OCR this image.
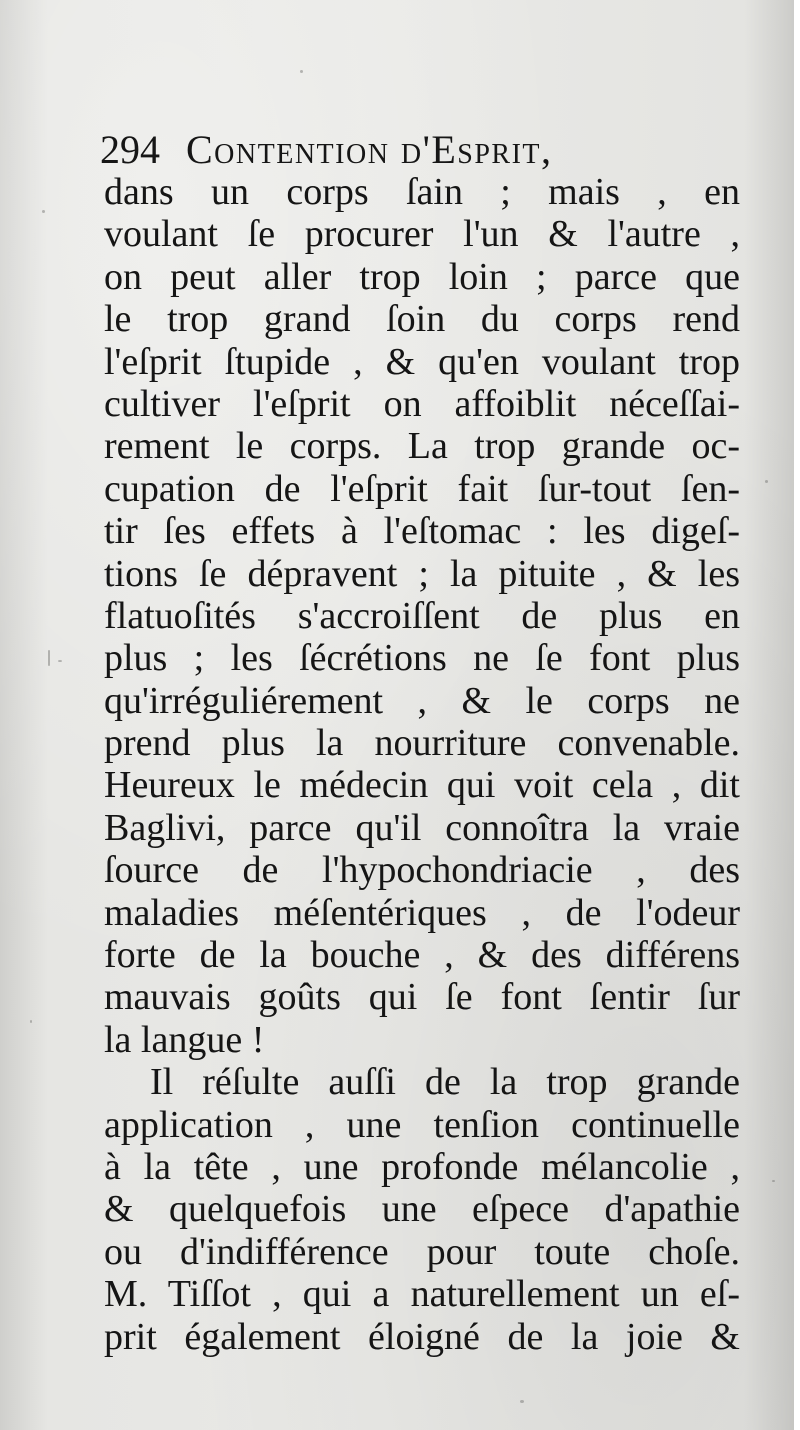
294 Contention d'Esprit,
dans un corps ſain ; mais , en
voulant ſe procurer l'un & l'autre ,
on peut aller trop loin ; parce que
le trop grand ſoin du corps rend
l'eſprit ſtupide , & qu'en voulant trop
cultiver l'eſprit on affoiblit néceſſai-
rement le corps. La trop grande oc-
cupation de l'eſprit fait ſur-tout ſen-
tir ſes effets à l'eſtomac : les digeſ-
tions ſe dépravent ; la pituite , & les
flatuoſités s'accroiſſent de plus en
plus ; les ſécrétions ne ſe font plus
qu'irréguliérement , & le corps ne
prend plus la nourriture convenable.
Heureux le médecin qui voit cela , dit
Baglivi, parce qu'il connoîtra la vraie
ſource de l'hypochondriacie , des
maladies méſentériques , de l'odeur
forte de la bouche , & des différens
mauvais goûts qui ſe font ſentir ſur
la langue !
Il réſulte auſſi de la trop grande
application , une tenſion continuelle
à la tête , une profonde mélancolie ,
& quelquefois une eſpece d'apathie
ou d'indifférence pour toute choſe.
M. Tiſſot , qui a naturellement un eſ-
prit également éloigné de la joie &
